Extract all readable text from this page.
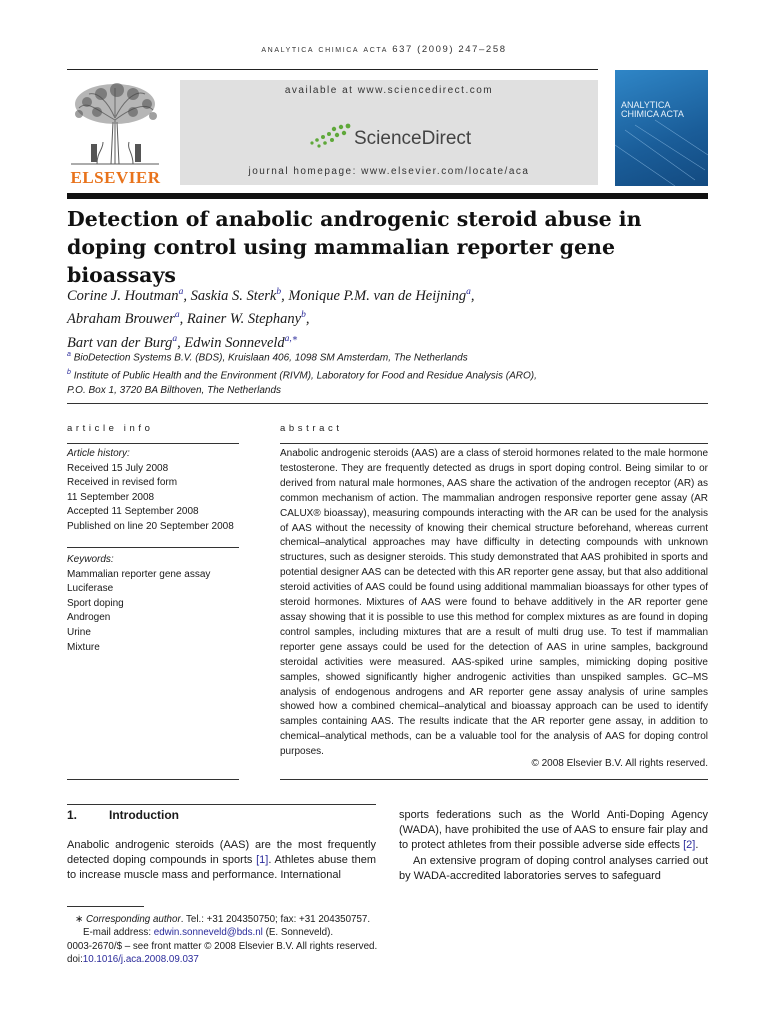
analytica chimica acta 637 (2009) 247–258
ELSEVIER
available at www.sciencedirect.com
ScienceDirect
journal homepage: www.elsevier.com/locate/aca
ANALYTICA
CHIMICA ACTA
Detection of anabolic androgenic steroid abuse in doping control using mammalian reporter gene bioassays
Corine J. Houtman$^a$, Saskia S. Sterk$^b$, Monique P.M. van de Heijning$^a$,
Abraham Brouwer$^a$, Rainer W. Stephany$^b$,
Bart van der Burg$^a$, Edwin Sonneveld$^{a,∗}$
$^a$ BioDetection Systems B.V. (BDS), Kruislaan 406, 1098 SM Amsterdam, The Netherlands
$^b$ Institute of Public Health and the Environment (RIVM), Laboratory for Food and Residue Analysis (ARO),
P.O. Box 1, 3720 BA Bilthoven, The Netherlands
article info	abstract
Article history:
Received 15 July 2008
Received in revised form
11 September 2008
Accepted 11 September 2008
Published on line 20 September 2008
Keywords:
Mammalian reporter gene assay
Luciferase
Sport doping
Androgen
Urine
Mixture
Anabolic androgenic steroids (AAS) are a class of steroid hormones related to the male hormone testosterone. They are frequently detected as drugs in sport doping control. Being similar to or derived from natural male hormones, AAS share the activation of the androgen receptor (AR) as common mechanism of action. The mammalian androgen responsive reporter gene assay (AR CALUX® bioassay), measuring compounds interacting with the AR can be used for the analysis of AAS without the necessity of knowing their chemical structure beforehand, whereas current chemical–analytical approaches may have difficulty in detecting compounds with unknown structures, such as designer steroids. This study demonstrated that AAS prohibited in sports and potential designer AAS can be detected with this AR reporter gene assay, but that also additional steroid activities of AAS could be found using additional mammalian bioassays for other types of steroid hormones. Mixtures of AAS were found to behave additively in the AR reporter gene assay showing that it is possible to use this method for complex mixtures as are found in doping control samples, including mixtures that are a result of multi drug use. To test if mammalian reporter gene assays could be used for the detection of AAS in urine samples, background steroidal activities were measured. AAS-spiked urine samples, mimicking doping positive samples, showed significantly higher androgenic activities than unspiked samples. GC–MS analysis of endogenous androgens and AR reporter gene assay analysis of urine samples showed how a combined chemical–analytical and bioassay approach can be used to identify samples containing AAS. The results indicate that the AR reporter gene assay, in addition to chemical–analytical methods, can be a valuable tool for the analysis of AAS for doping control purposes.
© 2008 Elsevier B.V. All rights reserved.
1.	Introduction

Anabolic androgenic steroids (AAS) are the most frequently detected doping compounds in sports [1]. Athletes abuse them to increase muscle mass and performance. International

sports federations such as the World Anti-Doping Agency (WADA), have prohibited the use of AAS to ensure fair play and to protect athletes from their possible adverse side effects [2].

An extensive program of doping control analyses carried out by WADA-accredited laboratories serves to safeguard

∗ Corresponding author. Tel.: +31 204350750; fax: +31 204350757.
E-mail address: edwin.sonneveld@bds.nl (E. Sonneveld).
0003-2670/$ – see front matter © 2008 Elsevier B.V. All rights reserved.
doi:10.1016/j.aca.2008.09.037
